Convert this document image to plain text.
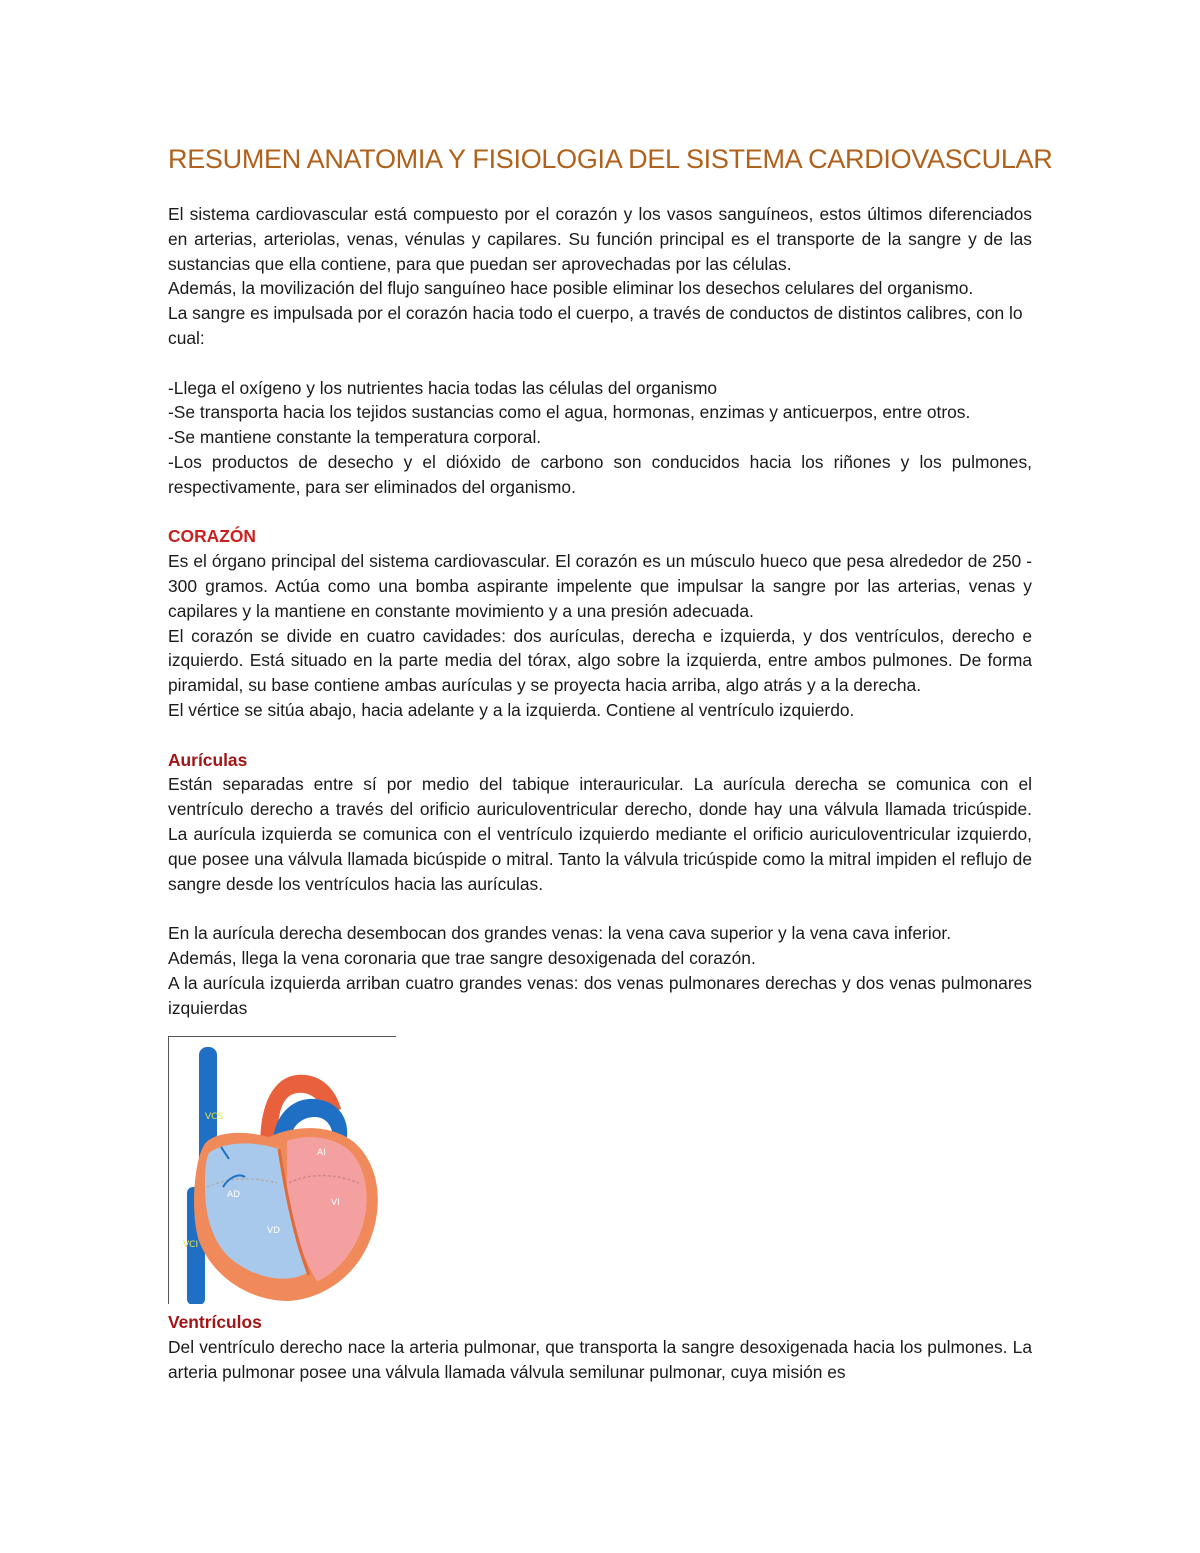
RESUMEN ANATOMIA Y FISIOLOGIA DEL SISTEMA CARDIOVASCULAR

El sistema cardiovascular está compuesto por el corazón y los vasos sanguíneos, estos últimos diferenciados en arterias, arteriolas, venas, vénulas y capilares. Su función principal es el transporte de la sangre y de las sustancias que ella contiene, para que puedan ser aprovechadas por las células.

Además, la movilización del flujo sanguíneo hace posible eliminar los desechos celulares del organismo.

La sangre es impulsada por el corazón hacia todo el cuerpo, a través de conductos de distintos calibres, con lo cual:

-Llega el oxígeno y los nutrientes hacia todas las células del organismo

-Se transporta hacia los tejidos sustancias como el agua, hormonas, enzimas y anticuerpos, entre otros.

-Se mantiene constante la temperatura corporal.

-Los productos de desecho y el dióxido de carbono son conducidos hacia los riñones y los pulmones, respectivamente, para ser eliminados del organismo.

CORAZÓN

Es el órgano principal del sistema cardiovascular. El corazón es un músculo hueco que pesa alrededor de 250 - 300 gramos. Actúa como una bomba aspirante impelente que impulsar la sangre por las arterias, venas y capilares y la mantiene en constante movimiento y a una presión adecuada.

El corazón se divide en cuatro cavidades: dos aurículas, derecha e izquierda, y dos ventrículos, derecho e izquierdo. Está situado en la parte media del tórax, algo sobre la izquierda, entre ambos pulmones. De forma piramidal, su base contiene ambas aurículas y se proyecta hacia arriba, algo atrás y a la derecha.

El vértice se sitúa abajo, hacia adelante y a la izquierda. Contiene al ventrículo izquierdo.

Aurículas

Están separadas entre sí por medio del tabique interauricular. La aurícula derecha se comunica con el ventrículo derecho a través del orificio auriculoventricular derecho, donde hay una válvula llamada tricúspide. La aurícula izquierda se comunica con el ventrículo izquierdo mediante el orificio auriculoventricular izquierdo, que posee una válvula llamada bicúspide o mitral. Tanto la válvula tricúspide como la mitral impiden el reflujo de sangre desde los ventrículos hacia las aurículas.

En la aurícula derecha desembocan dos grandes venas: la vena cava superior y la vena cava inferior.

Además, llega la vena coronaria que trae sangre desoxigenada del corazón.

A la aurícula izquierda arriban cuatro grandes venas: dos venas pulmonares derechas y dos venas pulmonares izquierdas

VCS
AI
AD
VI
VD
VCI
Ventrículos

Del ventrículo derecho nace la arteria pulmonar, que transporta la sangre desoxigenada hacia los pulmones. La arteria pulmonar posee una válvula llamada válvula semilunar pulmonar, cuya misión es
